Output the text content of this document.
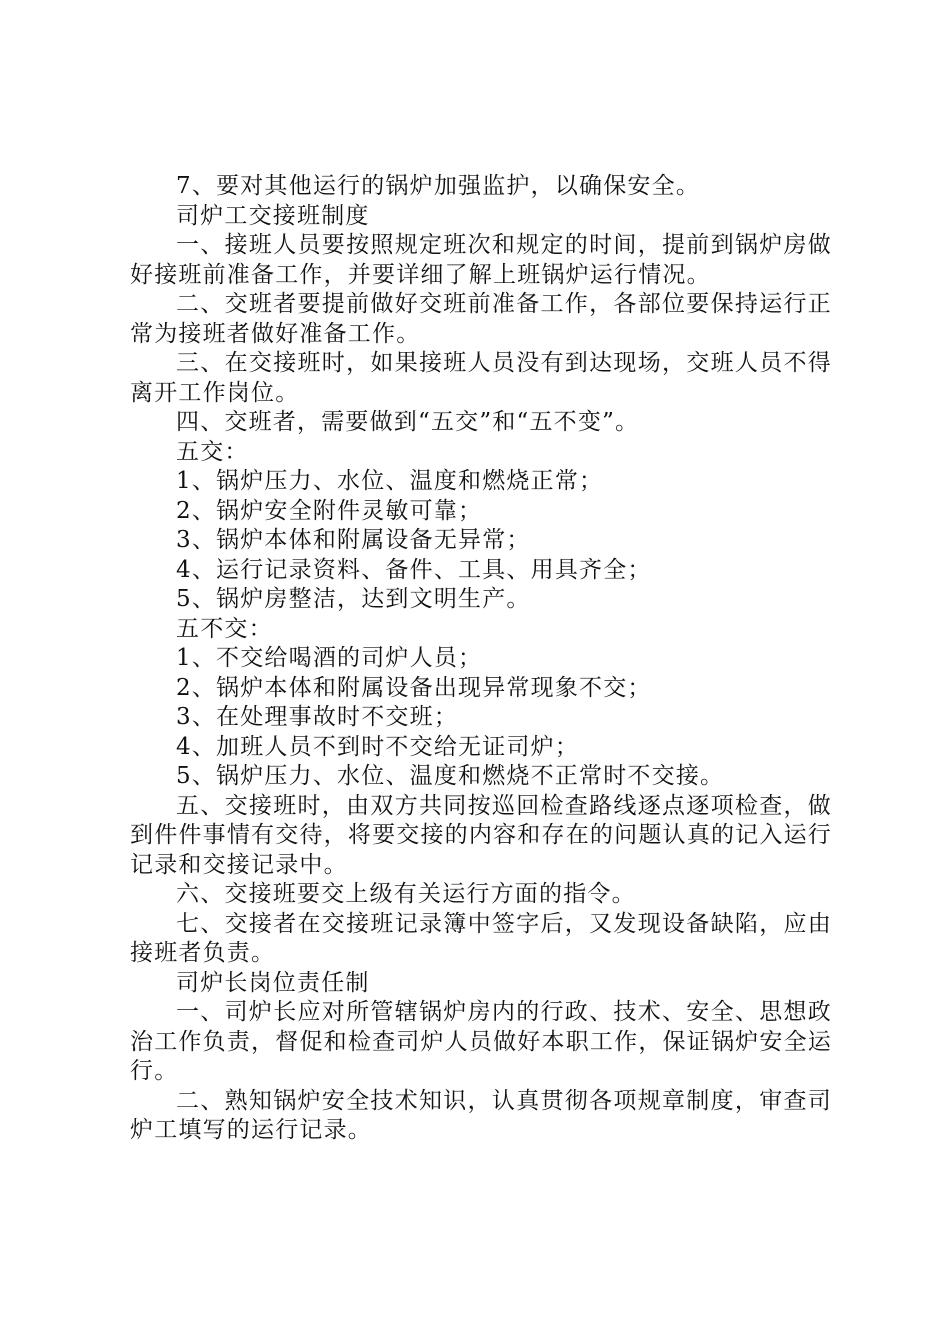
7、要对其他运行的锅炉加强监护，以确保安全。

司炉工交接班制度

一、接班人员要按照规定班次和规定的时间，提前到锅炉房做好接班前准备工作，并要详细了解上班锅炉运行情况。

二、交班者要提前做好交班前准备工作，各部位要保持运行正常为接班者做好准备工作。

三、在交接班时，如果接班人员没有到达现场，交班人员不得离开工作岗位。

四、交班者，需要做到“五交”和“五不变”。

五交：

1、锅炉压力、水位、温度和燃烧正常；

2、锅炉安全附件灵敏可靠；

3、锅炉本体和附属设备无异常；

4、运行记录资料、备件、工具、用具齐全；

5、锅炉房整洁，达到文明生产。

五不交：

1、不交给喝酒的司炉人员；

2、锅炉本体和附属设备出现异常现象不交；

3、在处理事故时不交班；

4、加班人员不到时不交给无证司炉；

5、锅炉压力、水位、温度和燃烧不正常时不交接。

五、交接班时，由双方共同按巡回检查路线逐点逐项检查，做到件件事情有交待，将要交接的内容和存在的问题认真的记入运行记录和交接记录中。

六、交接班要交上级有关运行方面的指令。

七、交接者在交接班记录簿中签字后，又发现设备缺陷，应由接班者负责。

司炉长岗位责任制

一、司炉长应对所管辖锅炉房内的行政、技术、安全、思想政治工作负责，督促和检查司炉人员做好本职工作，保证锅炉安全运行。

二、熟知锅炉安全技术知识，认真贯彻各项规章制度，审查司炉工填写的运行记录。
